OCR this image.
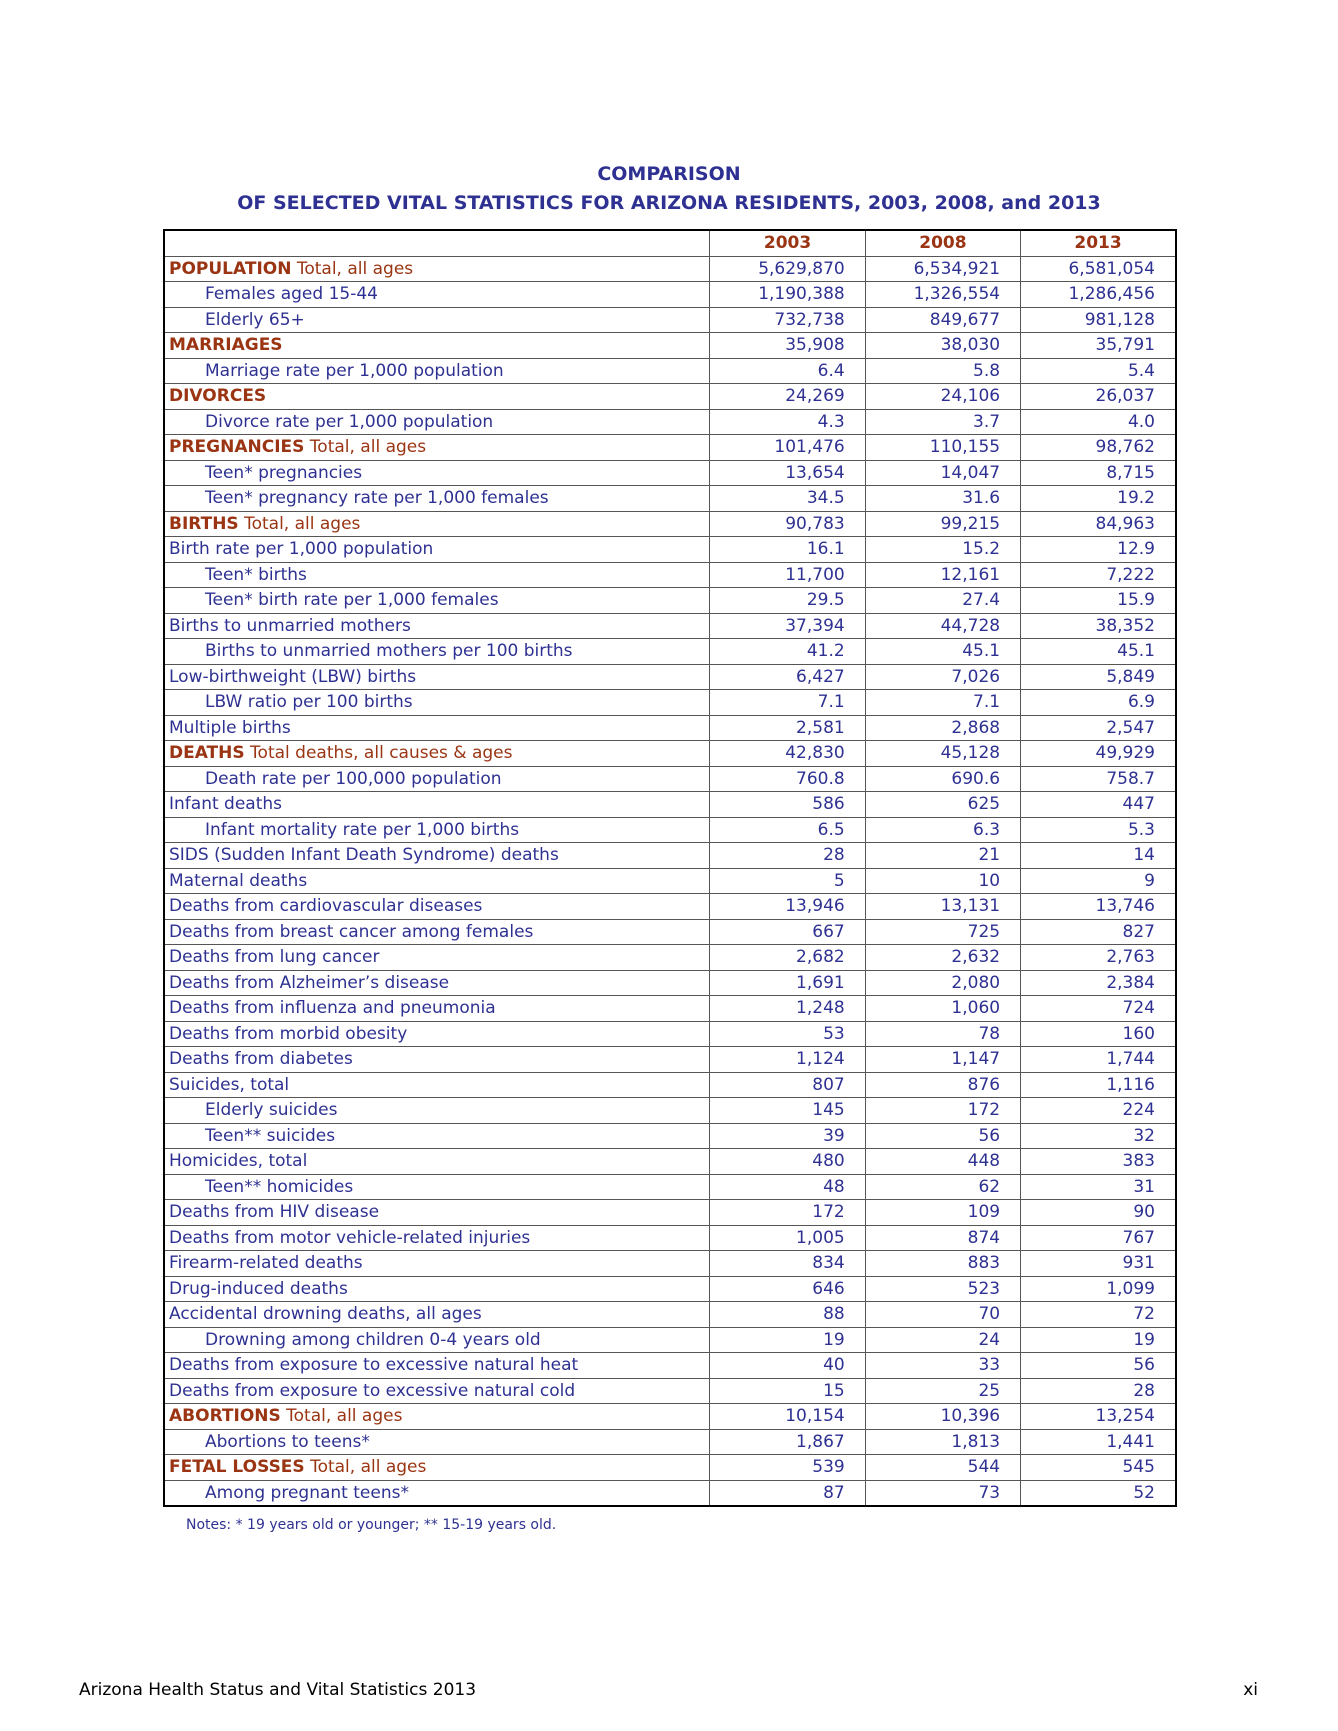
COMPARISON
OF SELECTED VITAL STATISTICS FOR ARIZONA RESIDENTS, 2003, 2008, and 2013
	2003	2008	2013
POPULATION Total, all ages	5,629,870	6,534,921	6,581,054
Females aged 15-44	1,190,388	1,326,554	1,286,456
Elderly 65+	732,738	849,677	981,128
MARRIAGES	35,908	38,030	35,791
Marriage rate per 1,000 population	6.4	5.8	5.4
DIVORCES	24,269	24,106	26,037
Divorce rate per 1,000 population	4.3	3.7	4.0
PREGNANCIES Total, all ages	101,476	110,155	98,762
Teen* pregnancies	13,654	14,047	8,715
Teen* pregnancy rate per 1,000 females	34.5	31.6	19.2
BIRTHS Total, all ages	90,783	99,215	84,963
Birth rate per 1,000 population	16.1	15.2	12.9
Teen* births	11,700	12,161	7,222
Teen* birth rate per 1,000 females	29.5	27.4	15.9
Births to unmarried mothers	37,394	44,728	38,352
Births to unmarried mothers per 100 births	41.2	45.1	45.1
Low-birthweight (LBW) births	6,427	7,026	5,849
LBW ratio per 100 births	7.1	7.1	6.9
Multiple births	2,581	2,868	2,547
DEATHS Total deaths, all causes & ages	42,830	45,128	49,929
Death rate per 100,000 population	760.8	690.6	758.7
Infant deaths	586	625	447
Infant mortality rate per 1,000 births	6.5	6.3	5.3
SIDS (Sudden Infant Death Syndrome) deaths	28	21	14
Maternal deaths	5	10	9
Deaths from cardiovascular diseases	13,946	13,131	13,746
Deaths from breast cancer among females	667	725	827
Deaths from lung cancer	2,682	2,632	2,763
Deaths from Alzheimer’s disease	1,691	2,080	2,384
Deaths from influenza and pneumonia	1,248	1,060	724
Deaths from morbid obesity	53	78	160
Deaths from diabetes	1,124	1,147	1,744
Suicides, total	807	876	1,116
Elderly suicides	145	172	224
Teen** suicides	39	56	32
Homicides, total	480	448	383
Teen** homicides	48	62	31
Deaths from HIV disease	172	109	90
Deaths from motor vehicle-related injuries	1,005	874	767
Firearm-related deaths	834	883	931
Drug-induced deaths	646	523	1,099
Accidental drowning deaths, all ages	88	70	72
Drowning among children 0-4 years old	19	24	19
Deaths from exposure to excessive natural heat	40	33	56
Deaths from exposure to excessive natural cold	15	25	28
ABORTIONS Total, all ages	10,154	10,396	13,254
Abortions to teens*	1,867	1,813	1,441
FETAL LOSSES Total, all ages	539	544	545
Among pregnant teens*	87	73	52
Notes: * 19 years old or younger; ** 15-19 years old.
Arizona Health Status and Vital Statistics 2013	xi
